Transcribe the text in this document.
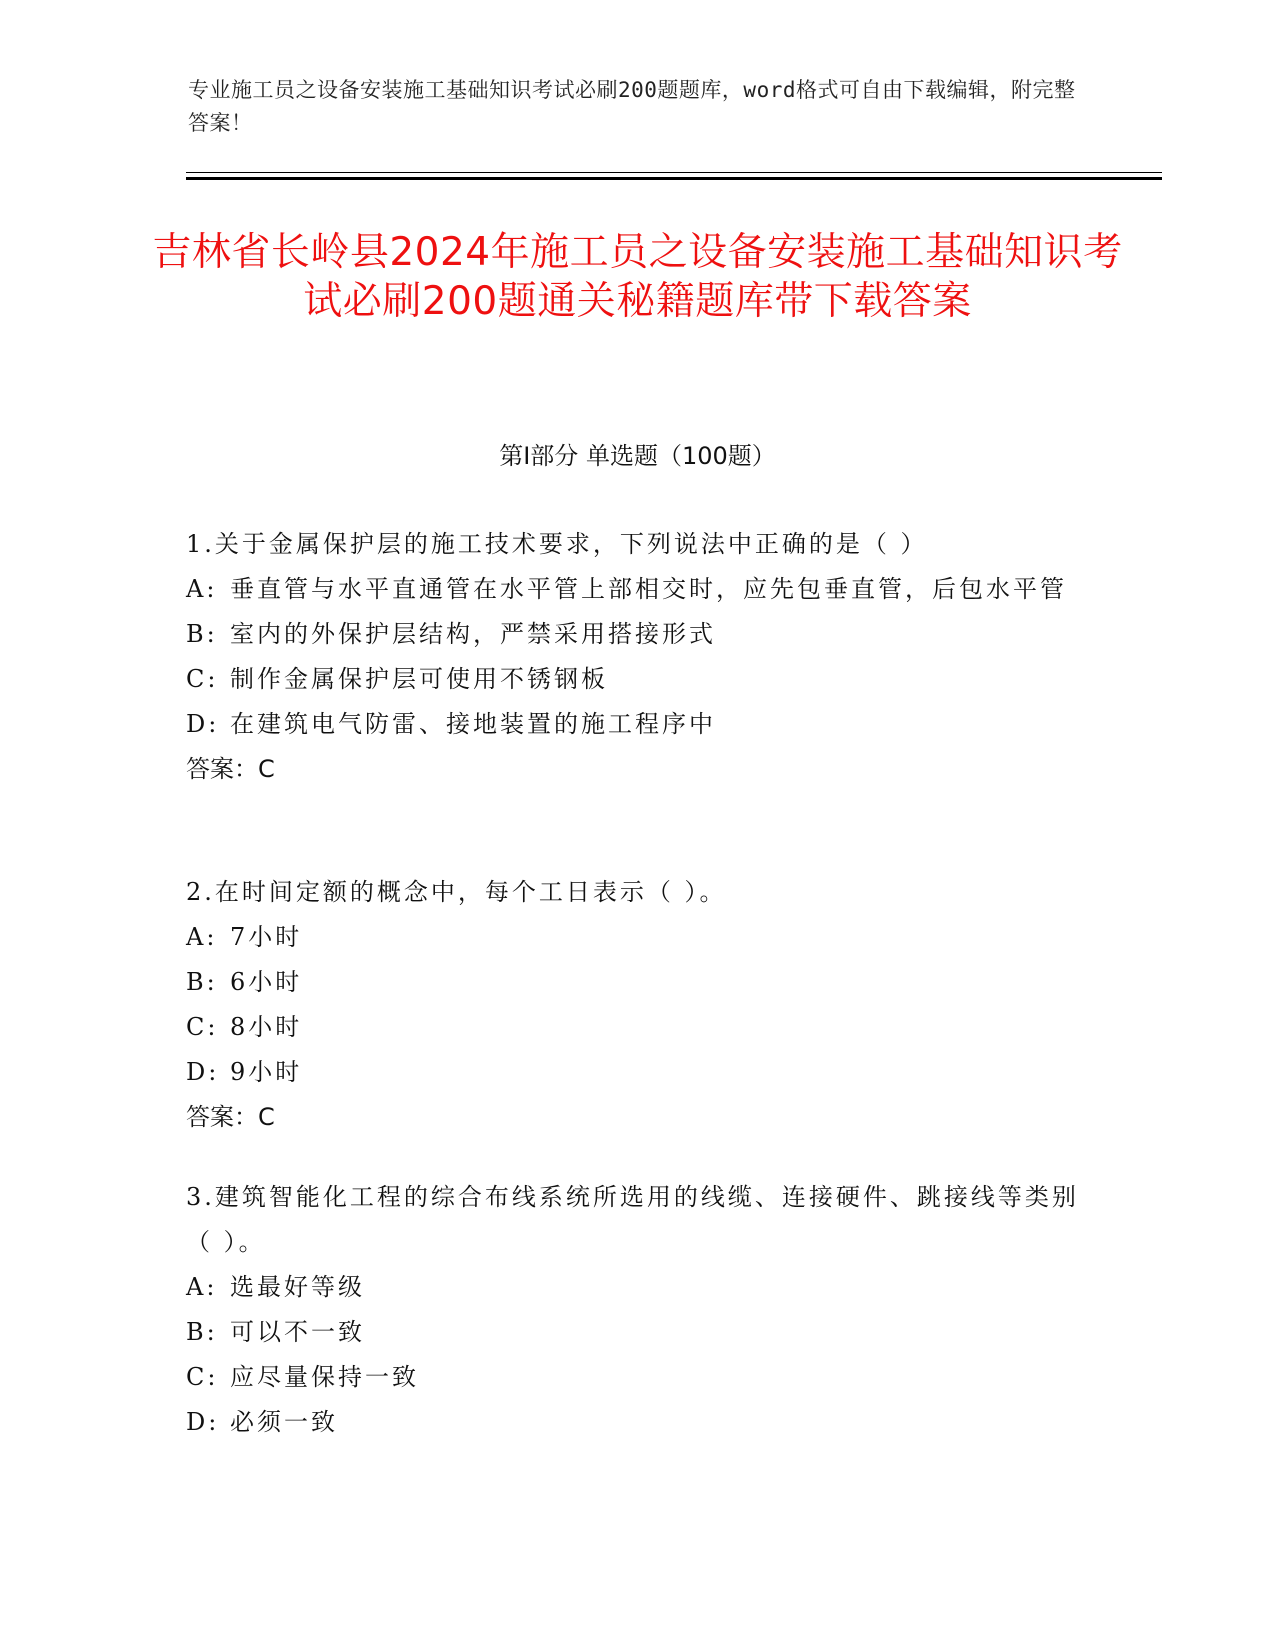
专业施工员之设备安装施工基础知识考试必刷200题题库，word格式可自由下载编辑，附完整答案！
吉林省长岭县2024年施工员之设备安装施工基础知识考试必刷200题通关秘籍题库带下载答案
第Ⅰ部分 单选题（100题）

1.关于金属保护层的施工技术要求，下列说法中正确的是（ ）

A: 垂直管与水平直通管在水平管上部相交时，应先包垂直管，后包水平管
B: 室内的外保护层结构，严禁采用搭接形式
C: 制作金属保护层可使用不锈钢板
D: 在建筑电气防雷、接地装置的施工程序中

答案：C

2.在时间定额的概念中，每个工日表示（ ）。

A: 7小时
B: 6小时
C: 8小时
D: 9小时

答案：C

3.建筑智能化工程的综合布线系统所选用的线缆、连接硬件、跳接线等类别（ ）。

A: 选最好等级
B: 可以不一致
C: 应尽量保持一致
D: 必须一致
